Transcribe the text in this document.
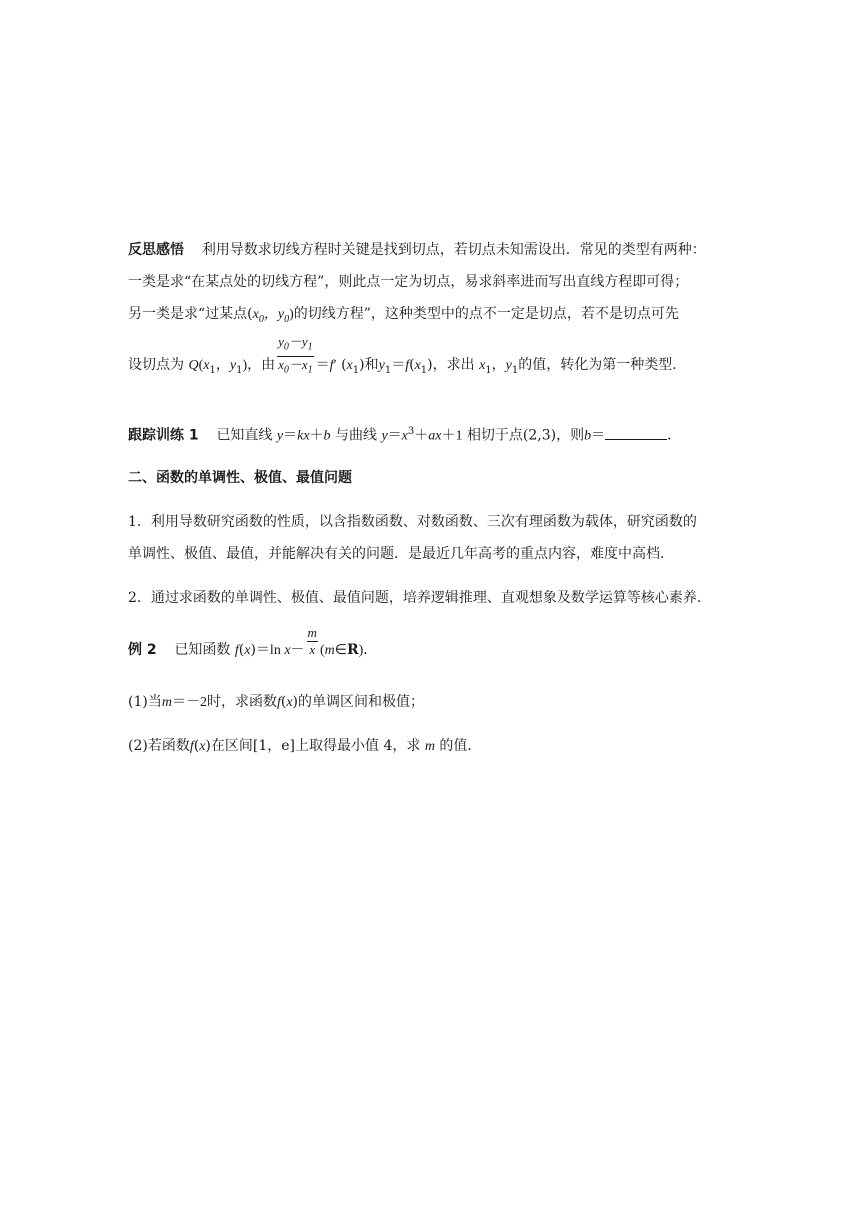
反思感悟 利用导数求切线方程时关键是找到切点，若切点未知需设出．常见的类型有两种：
一类是求“在某点处的切线方程”，则此点一定为切点，易求斜率进而写出直线方程即可得；
另一类是求“过某点($x_0$，$y_0$)的切线方程”，这种类型中的点不一定是切点，若不是切点可先
设切点为 $Q(x_1$，$y_1$)，由 $\frac{y_0-y_1}{x_0-x_1} =f'$ $(x_1)$和$y_1=f(x_1)$，求出 $x_1$，$y_1$的值，转化为第一种类型．
跟踪训练 1 已知直线 y＝kx＋b 与曲线 $y=x^3+ax+1$ 相切于点(2,3)，则b＝	．
二、函数的单调性、极值、最值问题
1．利用导数研究函数的性质，以含指数函数、对数函数、三次有理函数为载体，研究函数的
单调性、极值、最值，并能解决有关的问题．是最近几年高考的重点内容，难度中高档．
2．通过求函数的单调性、极值、最值问题，培养逻辑推理、直观想象及数学运算等核心素养．
例 2 已知函数 f(x)＝ln $x- \frac{m}{x}$ (m∈R)．
(1)当m＝－2时，求函数f(x)的单调区间和极值；
(2)若函数f(x)在区间[1，e]上取得最小值 4，求 m 的值．
